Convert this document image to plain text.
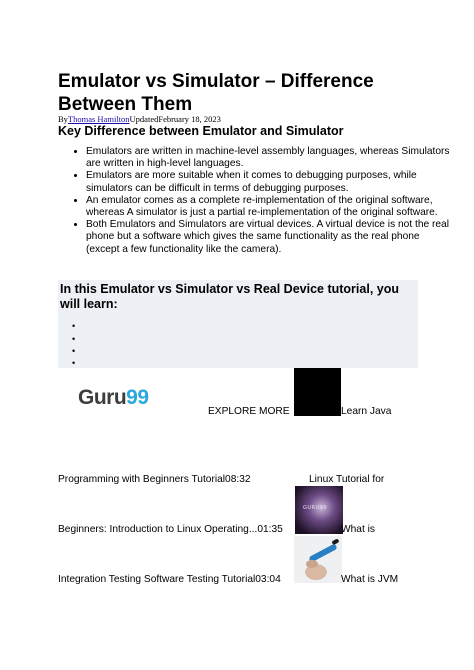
Emulator vs Simulator – Difference Between Them
ByThomas HamiltonUpdatedFebruary 18, 2023
Key Difference between Emulator and Simulator
• Emulators are written in machine-level assembly languages, whereas Simulators are written in high-level languages.
• Emulators are more suitable when it comes to debugging purposes, while simulators can be difficult in terms of debugging purposes.
• An emulator comes as a complete re-implementation of the original software, whereas A simulator is just a partial re-implementation of the original software.
• Both Emulators and Simulators are virtual devices. A virtual device is not the real phone but a software which gives the same functionality as the real phone (except a few functionality like the camera).
In this Emulator vs Simulator vs Real Device tutorial, you will learn:
•
•
•
•
Guru99
EXPLORE MORE	Learn Java
Programming with Beginners Tutorial08:32	Linux Tutorial for
GURU99
Beginners: Introduction to Linux Operating...01:35	What is
Integration Testing Software Testing Tutorial03:04	What is JVM
